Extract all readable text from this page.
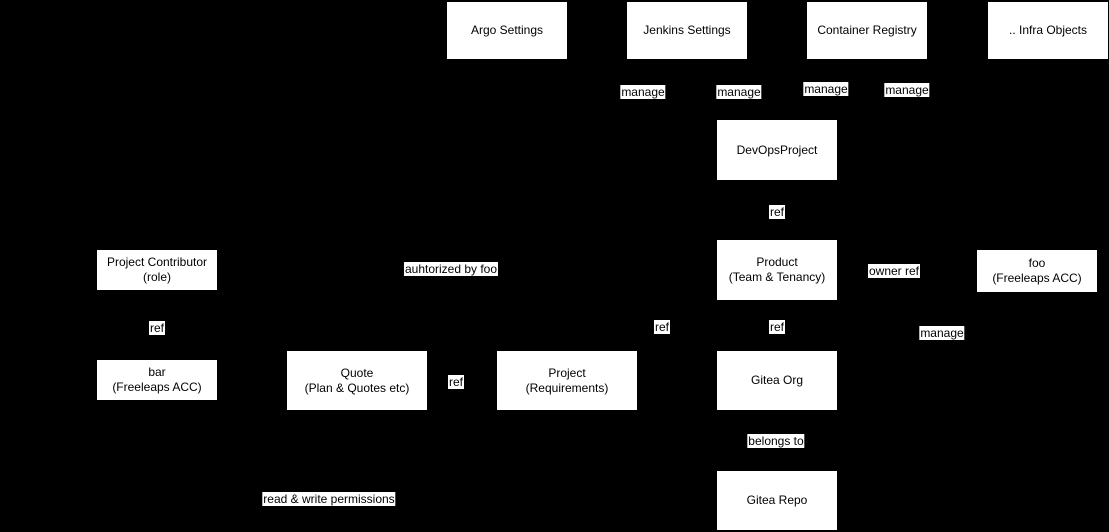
Argo Settings	Jenkins Settings	Container Registry	.. Infra Objects
manage	manage	manage	manage
DevOpsProject
ref
Project Contributor
(role)
auhtorized by foo	Product
(Team & Tenancy)	owner ref
foo
(Freeleaps ACC)
ref	ref	ref	manage
bar
(Freeleaps ACC)
Quote
(Plan & Quotes etc)	ref
Project
(Requirements)
Gitea Org
belongs to
read & write permissions	Gitea Repo
